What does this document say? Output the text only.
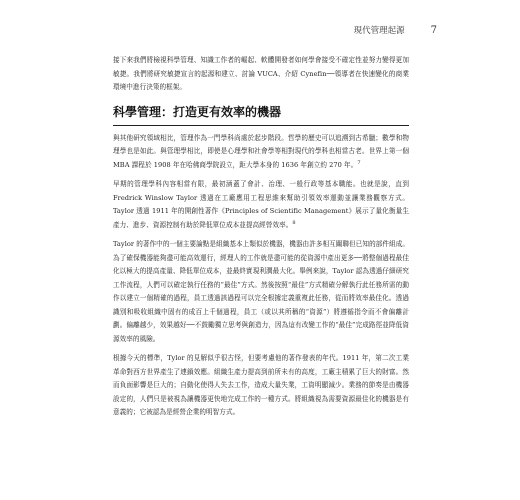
現代管理起源	7

接下來我們將檢視科學管理、知識工作者的崛起、軟體開發者如何學會接受不確定性並努力變得更加敏捷。我們將研究敏捷宣言的起源和建立、討論 VUCA、介紹 Cynefin──領導者在快速變化的商業環境中進行決策的框架。

科學管理：打造更有效率的機器

與其他研究領域相比，管理作為一門學科尚處於起步階段。哲學的歷史可以追溯到古希臘；數學和物理學也是如此。與管理學相比，即使是心理學和社會學等相對現代的學科也相當古老。世界上第一個 MBA 課程於 1908 年在哈佛商學院設立，距大學本身的 1636 年創立約 270 年。$^7$

早期的管理學科內容相當有限，最初涵蓋了會計、治理、一般行政等基本職能。也就是說，直到 Fredrick Winslow Taylor 透過在工廠應用工程思維來幫助引領效率運動並讓業務觀察方式。Taylor 透過 1911 年的開創性著作《Principles of Scientific Management》展示了量化衡量生產力、進步、資源控制有助於降低單位成本並提高經營效率。$^8$

Taylor 的著作中的一個主要論點是組織基本上類似於機器，機器由許多相互關聯但已知的部件組成。為了確保機器能夠盡可能高效運行，經理人的工作就是盡可能的從資源中產出更多──將整個過程最佳化以極大的提高產量、降低單位成本，並最終實現利潤最大化。舉例來說，Taylor 認為透過仔細研究工作流程，人們可以確定執行任務的“最佳”方式。然後按照“最佳”方式精確分解執行此任務所需的動作以建立一個精確的過程，員工透過該過程可以完全根據定義重複此任務，從而將效率最佳化。透過識別和吸收組織中固有的成百上千個過程，員工（或以其所稱的“資源”）將遵循指令而不會偏離計劃。偏離越少，效果越好──不鼓勵獨立思考與創造力，因為這有改變工作的“最佳”完成路徑並降低資源效率的風險。

根據今天的標準，Tylor 的見解似乎很古怪，但要考慮他的著作發表的年代。1911 年，第二次工業革命對西方世界產生了連鎖效應。組織生產力提高到前所未有的高度，工廠主積累了巨大的財富。然而負面影響是巨大的；自動化使得人失去工作，造成大量失業，工資明顯減少。業務的節奏是由機器設定的，人們只是被視為讓機器更快地完成工作的一種方式。將組織視為需要資源最佳化的機器是有意義的；它被認為是經營企業的明智方式。
